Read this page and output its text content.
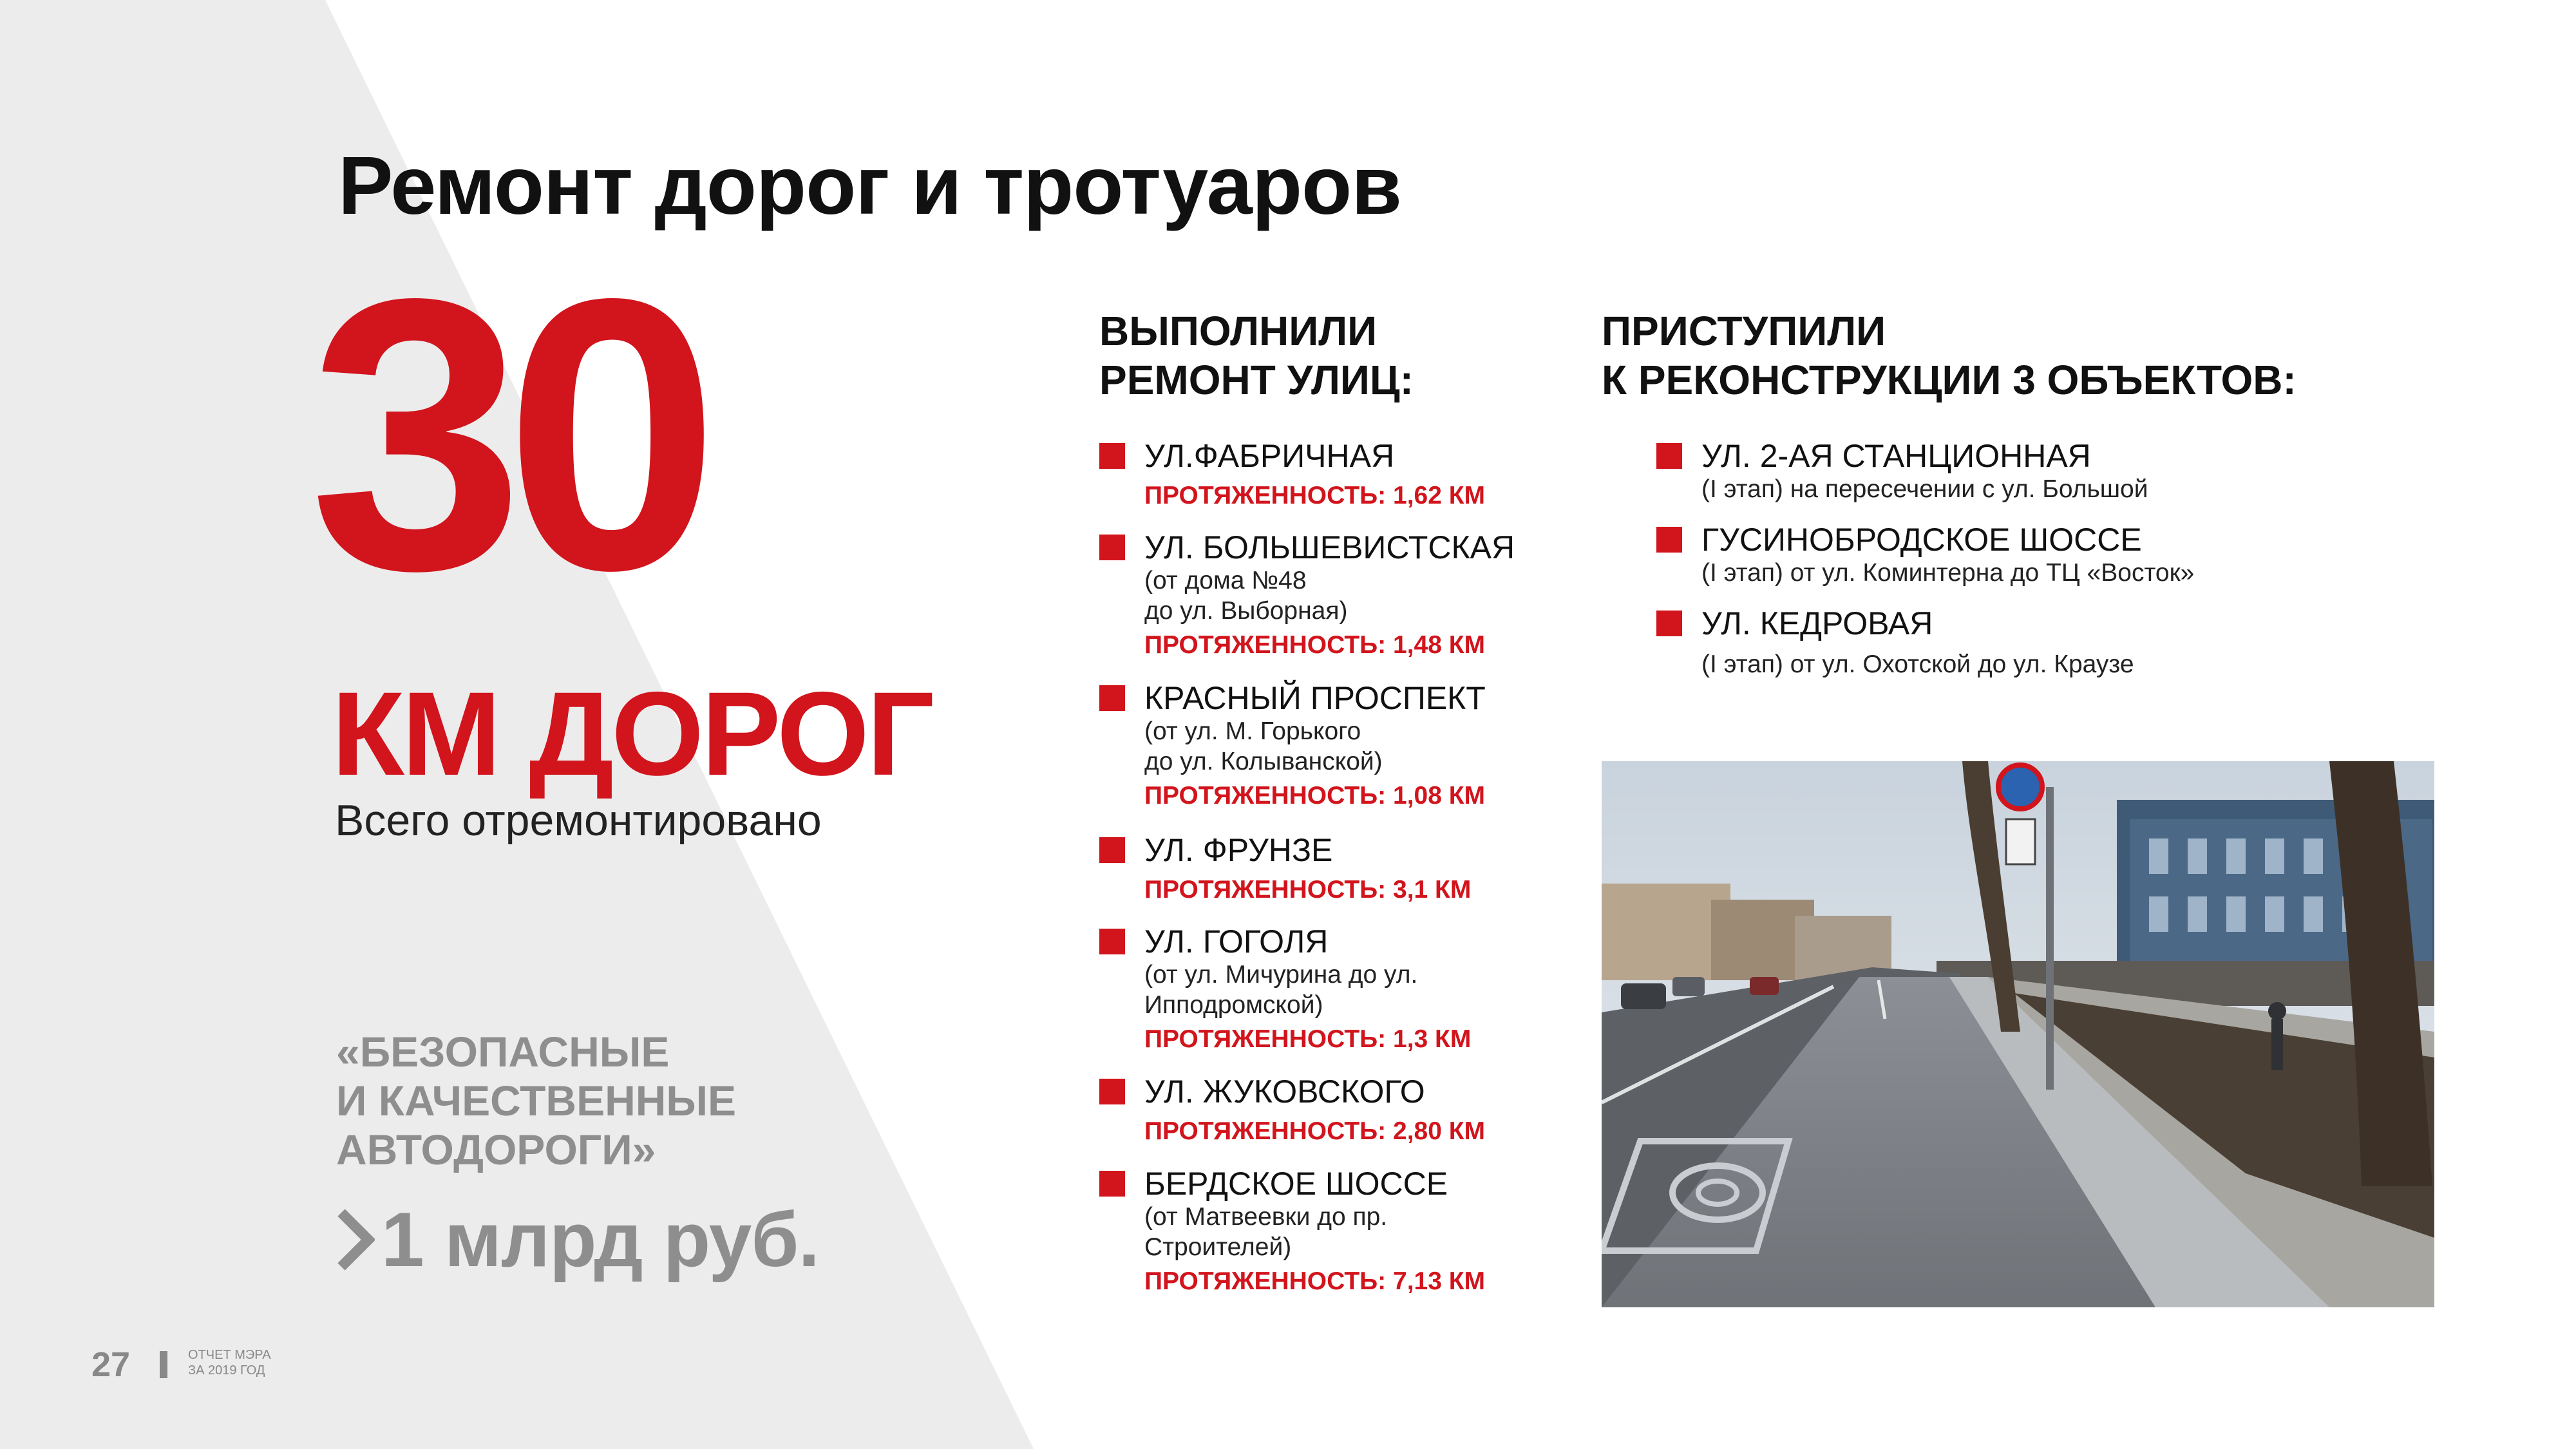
Ремонт дорог и тротуаров
30
КМ ДОРОГ
Всего отремонтировано
«БЕЗОПАСНЫЕ
И КАЧЕСТВЕННЫЕ
АВТОДОРОГИ»
1 млрд руб.
ВЫПОЛНИЛИ
РЕМОНТ УЛИЦ:
УЛ.ФАБРИЧНАЯ
ПРОТЯЖЕННОСТЬ: 1,62 КМ
УЛ. БОЛЬШЕВИСТСКАЯ
(от дома №48
до ул. Выборная)
ПРОТЯЖЕННОСТЬ: 1,48 КМ
КРАСНЫЙ ПРОСПЕКТ
(от ул. М. Горького
до ул. Колыванской)
ПРОТЯЖЕННОСТЬ: 1,08 КМ
УЛ. ФРУНЗЕ
ПРОТЯЖЕННОСТЬ: 3,1 КМ
УЛ. ГОГОЛЯ
(от ул. Мичурина до ул.
Ипподромской)
ПРОТЯЖЕННОСТЬ: 1,3 КМ
УЛ. ЖУКОВСКОГО
ПРОТЯЖЕННОСТЬ: 2,80 КМ
БЕРДСКОЕ ШОССЕ
(от Матвеевки до пр.
Строителей)
ПРОТЯЖЕННОСТЬ: 7,13 КМ
ПРИСТУПИЛИ
К РЕКОНСТРУКЦИИ 3 ОБЪЕКТОВ:
УЛ. 2-АЯ СТАНЦИОННАЯ
(I этап) на пересечении с ул. Большой
ГУСИНОБРОДСКОЕ ШОССЕ
(I этап) от ул. Коминтерна до ТЦ «Восток»
УЛ. КЕДРОВАЯ
(I этап) от ул. Охотской до ул. Краузе
27	ОТЧЕТ МЭРА
ЗА 2019 ГОД
